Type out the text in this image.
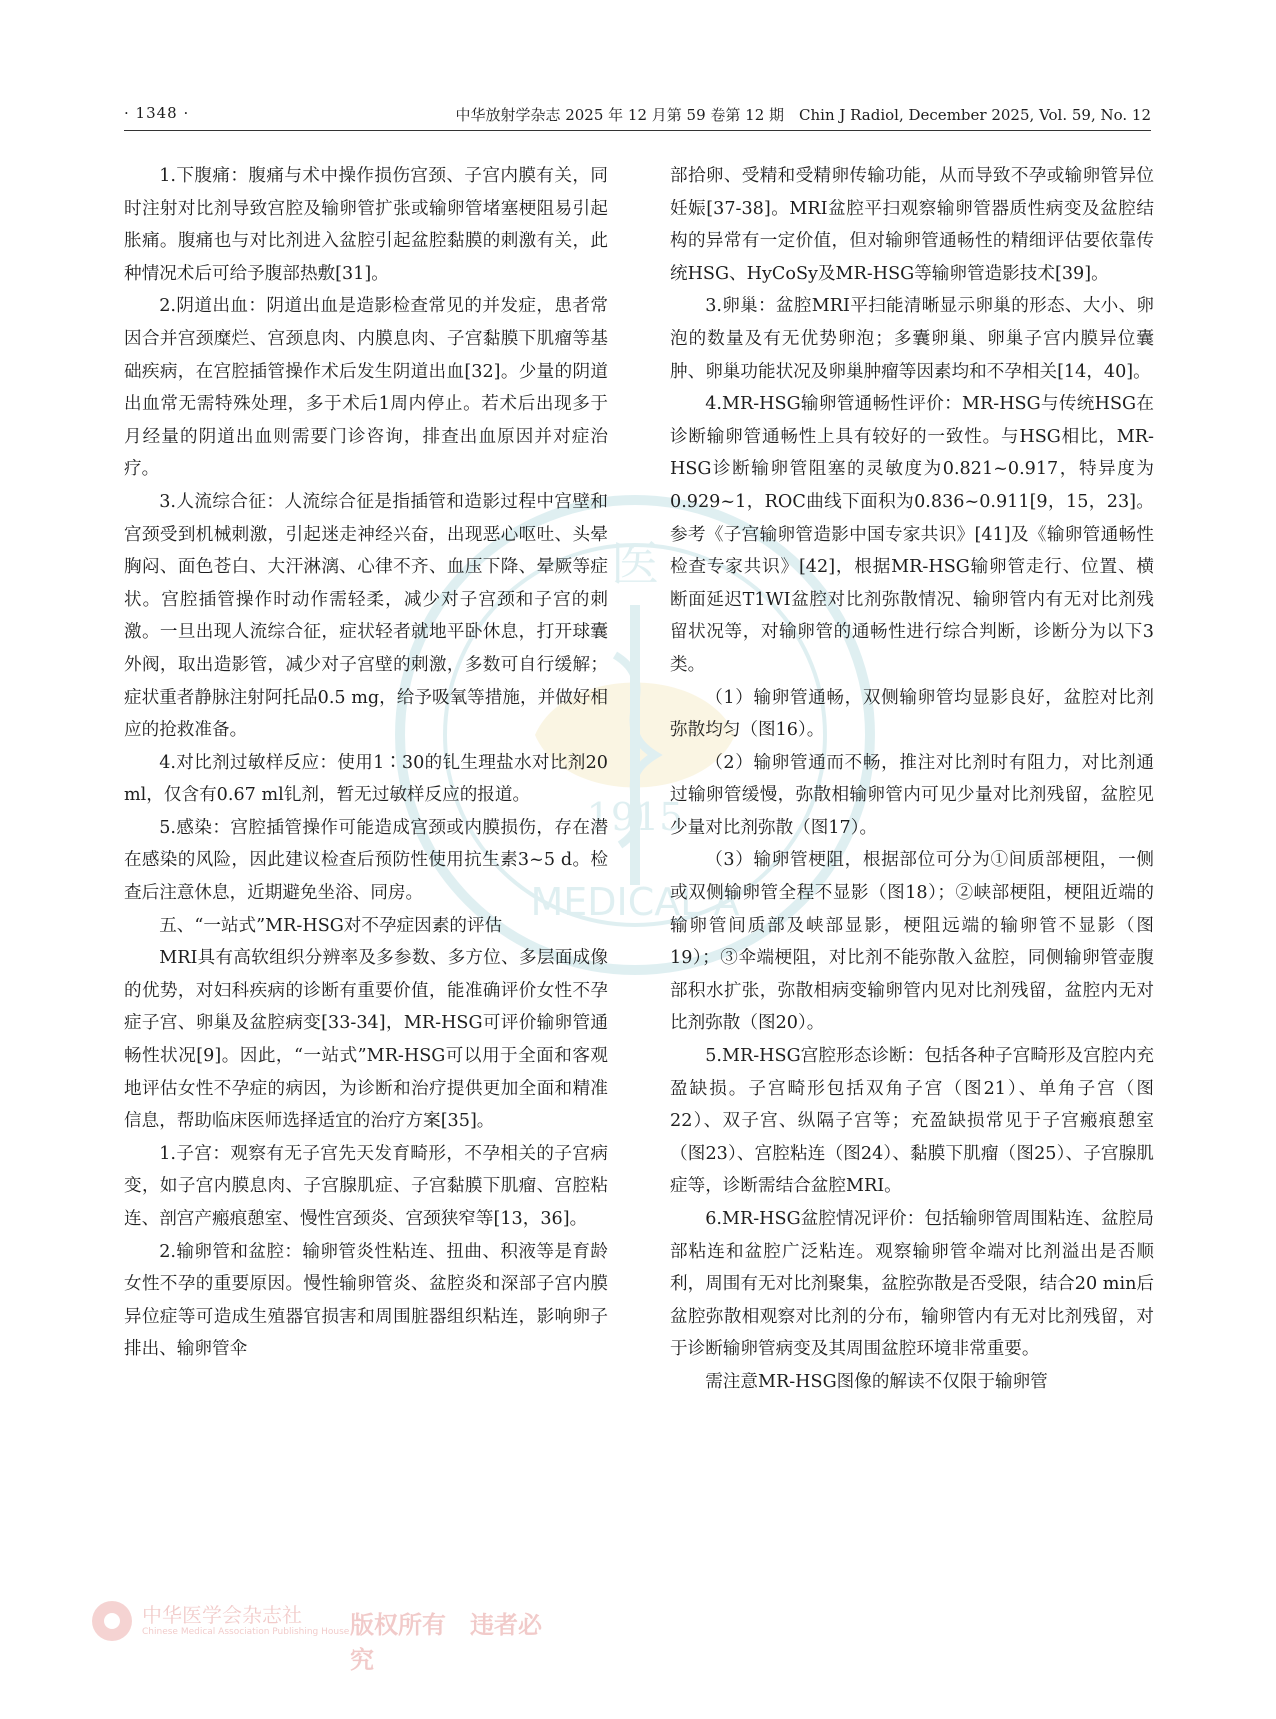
· 1348 ·	中华放射学杂志 2025 年 12 月第 59 卷第 12 期　Chin J Radiol, December 2025, Vol. 59, No. 12
医
1915
MEDICAL A

1.下腹痛：腹痛与术中操作损伤宫颈、子宫内膜有关，同时注射对比剂导致宫腔及输卵管扩张或输卵管堵塞梗阻易引起胀痛。腹痛也与对比剂进入盆腔引起盆腔黏膜的刺激有关，此种情况术后可给予腹部热敷[31]。

2.阴道出血：阴道出血是造影检查常见的并发症，患者常因合并宫颈糜烂、宫颈息肉、内膜息肉、子宫黏膜下肌瘤等基础疾病，在宫腔插管操作术后发生阴道出血[32]。少量的阴道出血常无需特殊处理，多于术后1周内停止。若术后出现多于月经量的阴道出血则需要门诊咨询，排查出血原因并对症治疗。

3.人流综合征：人流综合征是指插管和造影过程中宫壁和宫颈受到机械刺激，引起迷走神经兴奋，出现恶心呕吐、头晕胸闷、面色苍白、大汗淋漓、心律不齐、血压下降、晕厥等症状。宫腔插管操作时动作需轻柔，减少对子宫颈和子宫的刺激。一旦出现人流综合征，症状轻者就地平卧休息，打开球囊外阀，取出造影管，减少对子宫壁的刺激，多数可自行缓解；症状重者静脉注射阿托品0.5 mg，给予吸氧等措施，并做好相应的抢救准备。

4.对比剂过敏样反应：使用1∶30的钆生理盐水对比剂20 ml，仅含有0.67 ml钆剂，暂无过敏样反应的报道。

5.感染：宫腔插管操作可能造成宫颈或内膜损伤，存在潜在感染的风险，因此建议检查后预防性使用抗生素3~5 d。检查后注意休息，近期避免坐浴、同房。

五、“一站式”MR-HSG对不孕症因素的评估

MRI具有高软组织分辨率及多参数、多方位、多层面成像的优势，对妇科疾病的诊断有重要价值，能准确评价女性不孕症子宫、卵巢及盆腔病变[33-34]，MR-HSG可评价输卵管通畅性状况[9]。因此，“一站式”MR-HSG可以用于全面和客观地评估女性不孕症的病因，为诊断和治疗提供更加全面和精准信息，帮助临床医师选择适宜的治疗方案[35]。

1.子宫：观察有无子宫先天发育畸形，不孕相关的子宫病变，如子宫内膜息肉、子宫腺肌症、子宫黏膜下肌瘤、宫腔粘连、剖宫产瘢痕憩室、慢性宫颈炎、宫颈狭窄等[13，36]。

2.输卵管和盆腔：输卵管炎性粘连、扭曲、积液等是育龄女性不孕的重要原因。慢性输卵管炎、盆腔炎和深部子宫内膜异位症等可造成生殖器官损害和周围脏器组织粘连，影响卵子排出、输卵管伞

部拾卵、受精和受精卵传输功能，从而导致不孕或输卵管异位妊娠[37-38]。MRI盆腔平扫观察输卵管器质性病变及盆腔结构的异常有一定价值，但对输卵管通畅性的精细评估要依靠传统HSG、HyCoSy及MR-HSG等输卵管造影技术[39]。

3.卵巢：盆腔MRI平扫能清晰显示卵巢的形态、大小、卵泡的数量及有无优势卵泡；多囊卵巢、卵巢子宫内膜异位囊肿、卵巢功能状况及卵巢肿瘤等因素均和不孕相关[14，40]。

4.MR-HSG输卵管通畅性评价：MR-HSG与传统HSG在诊断输卵管通畅性上具有较好的一致性。与HSG相比，MR-HSG诊断输卵管阻塞的灵敏度为0.821~0.917，特异度为0.929~1，ROC曲线下面积为0.836~0.911[9，15，23]。参考《子宫输卵管造影中国专家共识》[41]及《输卵管通畅性检查专家共识》[42]，根据MR-HSG输卵管走行、位置、横断面延迟T1WI盆腔对比剂弥散情况、输卵管内有无对比剂残留状况等，对输卵管的通畅性进行综合判断，诊断分为以下3类。

（1）输卵管通畅，双侧输卵管均显影良好，盆腔对比剂弥散均匀（图16）。

（2）输卵管通而不畅，推注对比剂时有阻力，对比剂通过输卵管缓慢，弥散相输卵管内可见少量对比剂残留，盆腔见少量对比剂弥散（图17）。

（3）输卵管梗阻，根据部位可分为①间质部梗阻，一侧或双侧输卵管全程不显影（图18）；②峡部梗阻，梗阻近端的输卵管间质部及峡部显影，梗阻远端的输卵管不显影（图19）；③伞端梗阻，对比剂不能弥散入盆腔，同侧输卵管壶腹部积水扩张，弥散相病变输卵管内见对比剂残留，盆腔内无对比剂弥散（图20）。

5.MR-HSG宫腔形态诊断：包括各种子宫畸形及宫腔内充盈缺损。子宫畸形包括双角子宫（图21）、单角子宫（图22）、双子宫、纵隔子宫等；充盈缺损常见于子宫瘢痕憩室（图23）、宫腔粘连（图24）、黏膜下肌瘤（图25）、子宫腺肌症等，诊断需结合盆腔MRI。

6.MR-HSG盆腔情况评价：包括输卵管周围粘连、盆腔局部粘连和盆腔广泛粘连。观察输卵管伞端对比剂溢出是否顺利，周围有无对比剂聚集，盆腔弥散是否受限，结合20 min后盆腔弥散相观察对比剂的分布，输卵管内有无对比剂残留，对于诊断输卵管病变及其周围盆腔环境非常重要。

需注意MR-HSG图像的解读不仅限于输卵管

中华医学会杂志社
Chinese Medical Association Publishing House 版权所有　违者必究
